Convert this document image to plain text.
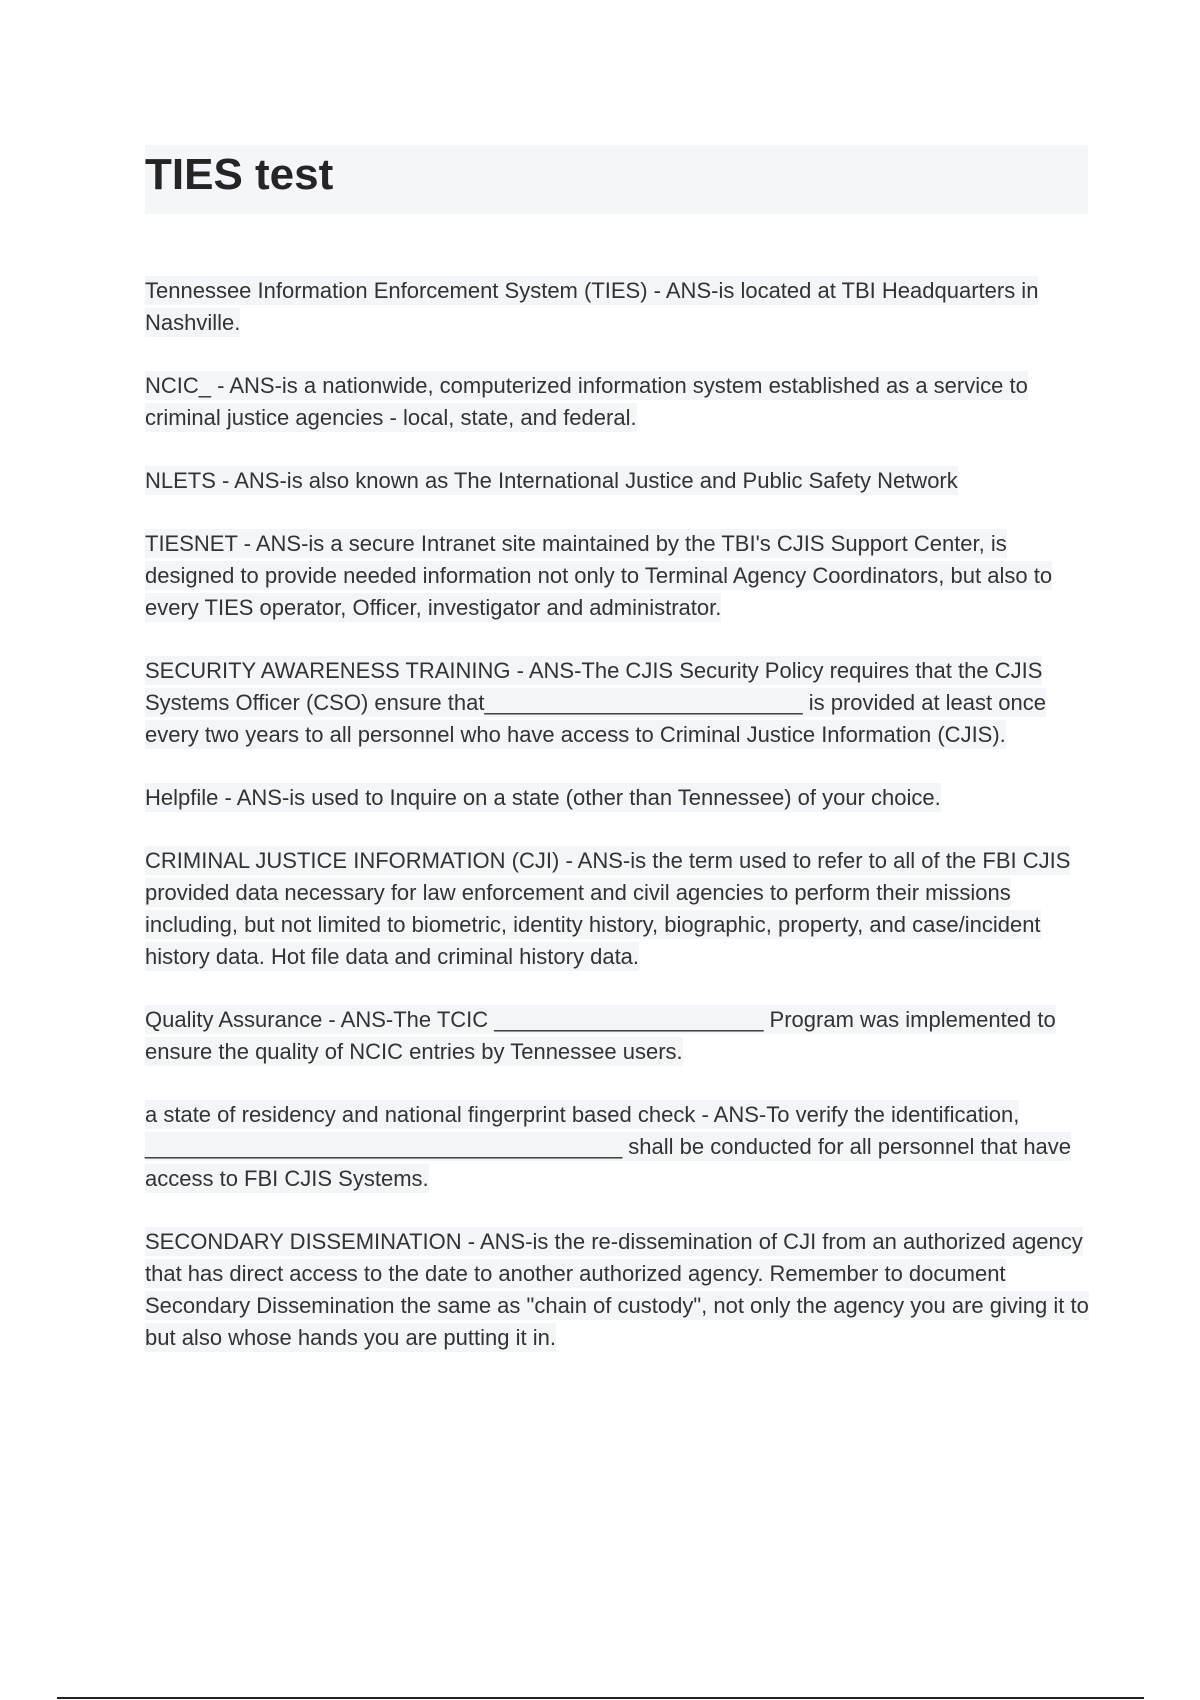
TIES test

Tennessee Information Enforcement System (TIES) - ANS-is located at TBI Headquarters in Nashville.

NCIC_ - ANS-is a nationwide, computerized information system established as a service to criminal justice agencies - local, state, and federal.

NLETS - ANS-is also known as The International Justice and Public Safety Network

TIESNET - ANS-is a secure Intranet site maintained by the TBI's CJIS Support Center, is designed to provide needed information not only to Terminal Agency Coordinators, but also to every TIES operator, Officer, investigator and administrator.

SECURITY AWARENESS TRAINING - ANS-The CJIS Security Policy requires that the CJIS Systems Officer (CSO) ensure that__________________________ is provided at least once every two years to all personnel who have access to Criminal Justice Information (CJIS).

Helpfile - ANS-is used to Inquire on a state (other than Tennessee) of your choice.

CRIMINAL JUSTICE INFORMATION (CJI) - ANS-is the term used to refer to all of the FBI CJIS provided data necessary for law enforcement and civil agencies to perform their missions including, but not limited to biometric, identity history, biographic, property, and case/incident history data. Hot file data and criminal history data.

Quality Assurance - ANS-The TCIC ______________________ Program was implemented to ensure the quality of NCIC entries by Tennessee users.

a state of residency and national fingerprint based check - ANS-To verify the identification, _______________________________________ shall be conducted for all personnel that have access to FBI CJIS Systems.

SECONDARY DISSEMINATION - ANS-is the re-dissemination of CJI from an authorized agency that has direct access to the date to another authorized agency. Remember to document Secondary Dissemination the same as "chain of custody", not only the agency you are giving it to but also whose hands you are putting it in.
